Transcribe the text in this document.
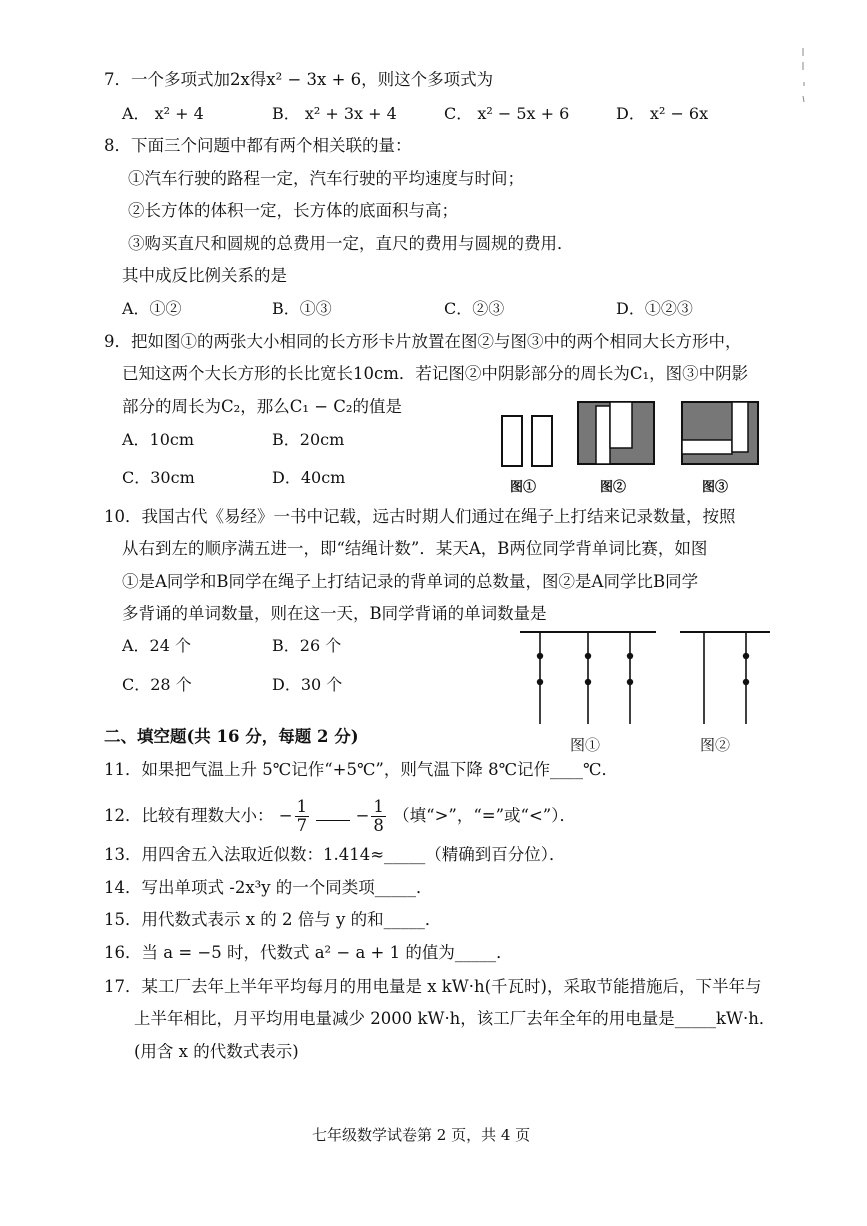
7．一个多项式加2x得x² − 3x + 6，则这个多项式为
A． x² + 4	B． x² + 3x + 4	C． x² − 5x + 6	D． x² − 6x
8．下面三个问题中都有两个相关联的量：
①汽车行驶的路程一定，汽车行驶的平均速度与时间；
②长方体的体积一定，长方体的底面积与高；
③购买直尺和圆规的总费用一定，直尺的费用与圆规的费用．
其中成反比例关系的是
A．①②	B．①③	C．②③	D．①②③
9．把如图①的两张大小相同的长方形卡片放置在图②与图③中的两个相同大长方形中，
已知这两个大长方形的长比宽长10cm．若记图②中阴影部分的周长为C₁，图③中阴影
部分的周长为C₂，那么C₁ − C₂的值是
A．10cm	B．20cm
C．30cm	D．40cm
图①	图②	图③
10．我国古代《易经》一书中记载，远古时期人们通过在绳子上打结来记录数量，按照
从右到左的顺序满五进一，即“结绳计数”．某天A，B两位同学背单词比赛，如图
①是A同学和B同学在绳子上打结记录的背单词的总数量，图②是A同学比B同学
多背诵的单词数量，则在这一天，B同学背诵的单词数量是
A．24 个	B．26 个
C．28 个	D．30 个
图①	图②
二、填空题(共 16 分，每题 2 分)
11．如果把气温上升 5℃记作“+5℃”，则气温下降 8℃记作____℃．
12．比较有理数大小： − $\frac{1}{7}$	− $\frac{1}{8}$ （填“>”，“=”或“<”）．
13．用四舍五入法取近似数：1.414≈_____（精确到百分位）．
14．写出单项式 -2x³y 的一个同类项_____．
15．用代数式表示 x 的 2 倍与 y 的和_____．
16．当 a = −5 时，代数式 a² − a + 1 的值为_____．
17．某工厂去年上半年平均每月的用电量是 x kW·h(千瓦时)，采取节能措施后，下半年与
上半年相比，月平均用电量减少 2000 kW·h，该工厂去年全年的用电量是_____kW·h．
(用含 x 的代数式表示)
七年级数学试卷第 2 页，共 4 页
